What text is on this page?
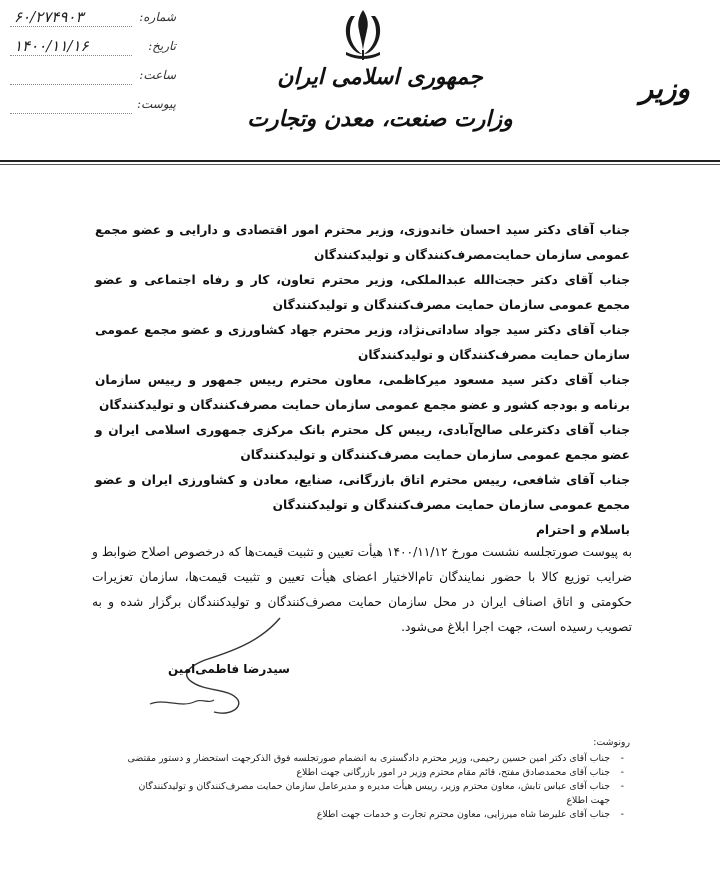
جمهوری اسلامی ایران
وزارت صنعت، معدن وتجارت
وزیر
شماره:
۶۰/۲۷۴۹۰۳
تاریخ:
۱۴۰۰/۱۱/۱۶
ساعت:
پیوست:

جناب آقای دکتر سید احسان خاندوزی، وزیر محترم امور اقتصادی و دارایی و عضو مجمع عمومی سازمان حمایت‌مصرف‌کنندگان و تولیدکنندگان

جناب آقای دکتر حجت‌الله عبدالملکی، وزیر محترم تعاون، کار و رفاه اجتماعی و عضو مجمع عمومی سازمان حمایت مصرف‌کنندگان و تولیدکنندگان

جناب آقای دکتر سید جواد ساداتی‌نژاد، وزیر محترم جهاد کشاورزی و عضو مجمع عمومی سازمان حمایت مصرف‌کنندگان و تولیدکنندگان

جناب آقای دکتر سید مسعود میرکاظمی، معاون محترم رییس جمهور و رییس سازمان برنامه و بودجه کشور و عضو مجمع عمومی سازمان حمایت مصرف‌کنندگان و تولیدکنندگان

جناب آقای دکترعلی صالح‌آبادی، رییس کل محترم بانک مرکزی جمهوری اسلامی ایران و عضو مجمع عمومی سازمان حمایت مصرف‌کنندگان و تولیدکنندگان

جناب آقای شافعی، رییس محترم اتاق بازرگانی، صنایع، معادن و کشاورزی ایران و عضو مجمع عمومی سازمان حمایت مصرف‌کنندگان و تولیدکنندگان

باسلام و احترام

به پیوست صورتجلسه نشست مورخ ۱۴۰۰/۱۱/۱۲ هیأت تعیین و تثبیت قیمت‌ها که درخصوص اصلاح ضوابط و ضرایب توزیع کالا با حضور نمایندگان تام‌الاختیار اعضای هیأت تعیین و تثبیت قیمت‌ها، سازمان تعزیرات حکومتی و اتاق اصناف ایران در محل سازمان حمایت مصرف‌کنندگان و تولیدکنندگان برگزار شده و به تصویب رسیده است، جهت اجرا ابلاغ می‌شود.

سیدرضا فاطمی‌امین

رونوشت:

- جناب آقای دکتر امین حسین رحیمی، وزیر محترم دادگستری به انضمام صورتجلسه فوق الذکرجهت استحضار و دستور مقتضی
- جناب آقای محمدصادق مفتح، قائم مقام محترم وزیر در امور بازرگانی جهت اطلاع
- جناب آقای عباس تابش، معاون محترم وزیر، رییس هیأت مدیره و مدیرعامل سازمان حمایت مصرف‌کنندگان و تولیدکنندگان جهت اطلاع
- جناب آقای علیرضا شاه میرزایی، معاون محترم تجارت و خدمات جهت اطلاع
